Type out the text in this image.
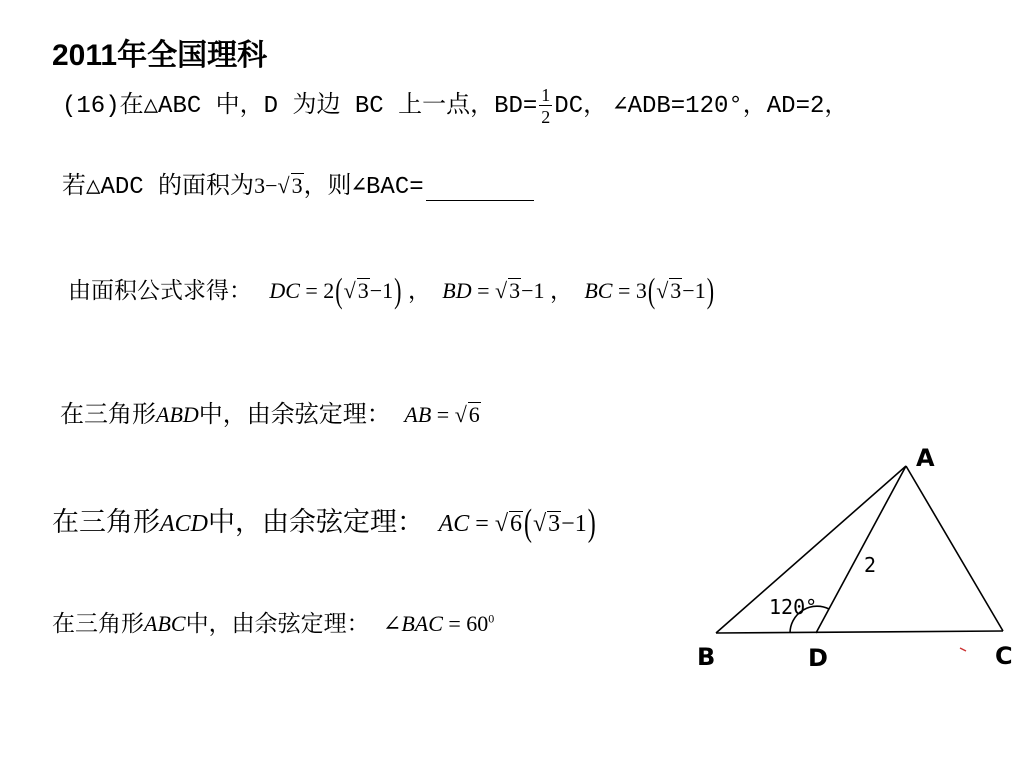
2011年全国理科
(16)在△ABC 中，D 为边 BC 上一点，$BD= \frac{1}{2}$ DC， ∠ADB=120°，AD=2，
若△ADC 的面积为3−√3，则∠BAC=
由面积公式求得： DC = 2(√3−1) ， BD = √3−1 ， BC = 3(√3−1)
在三角形ABD中，由余弦定理： AB = √6
在三角形ACD中，由余弦定理： AC = √6(√3−1)
在三角形ABC中，由余弦定理： ∠BAC = $60^0$
A
B	D	C
2
120°
